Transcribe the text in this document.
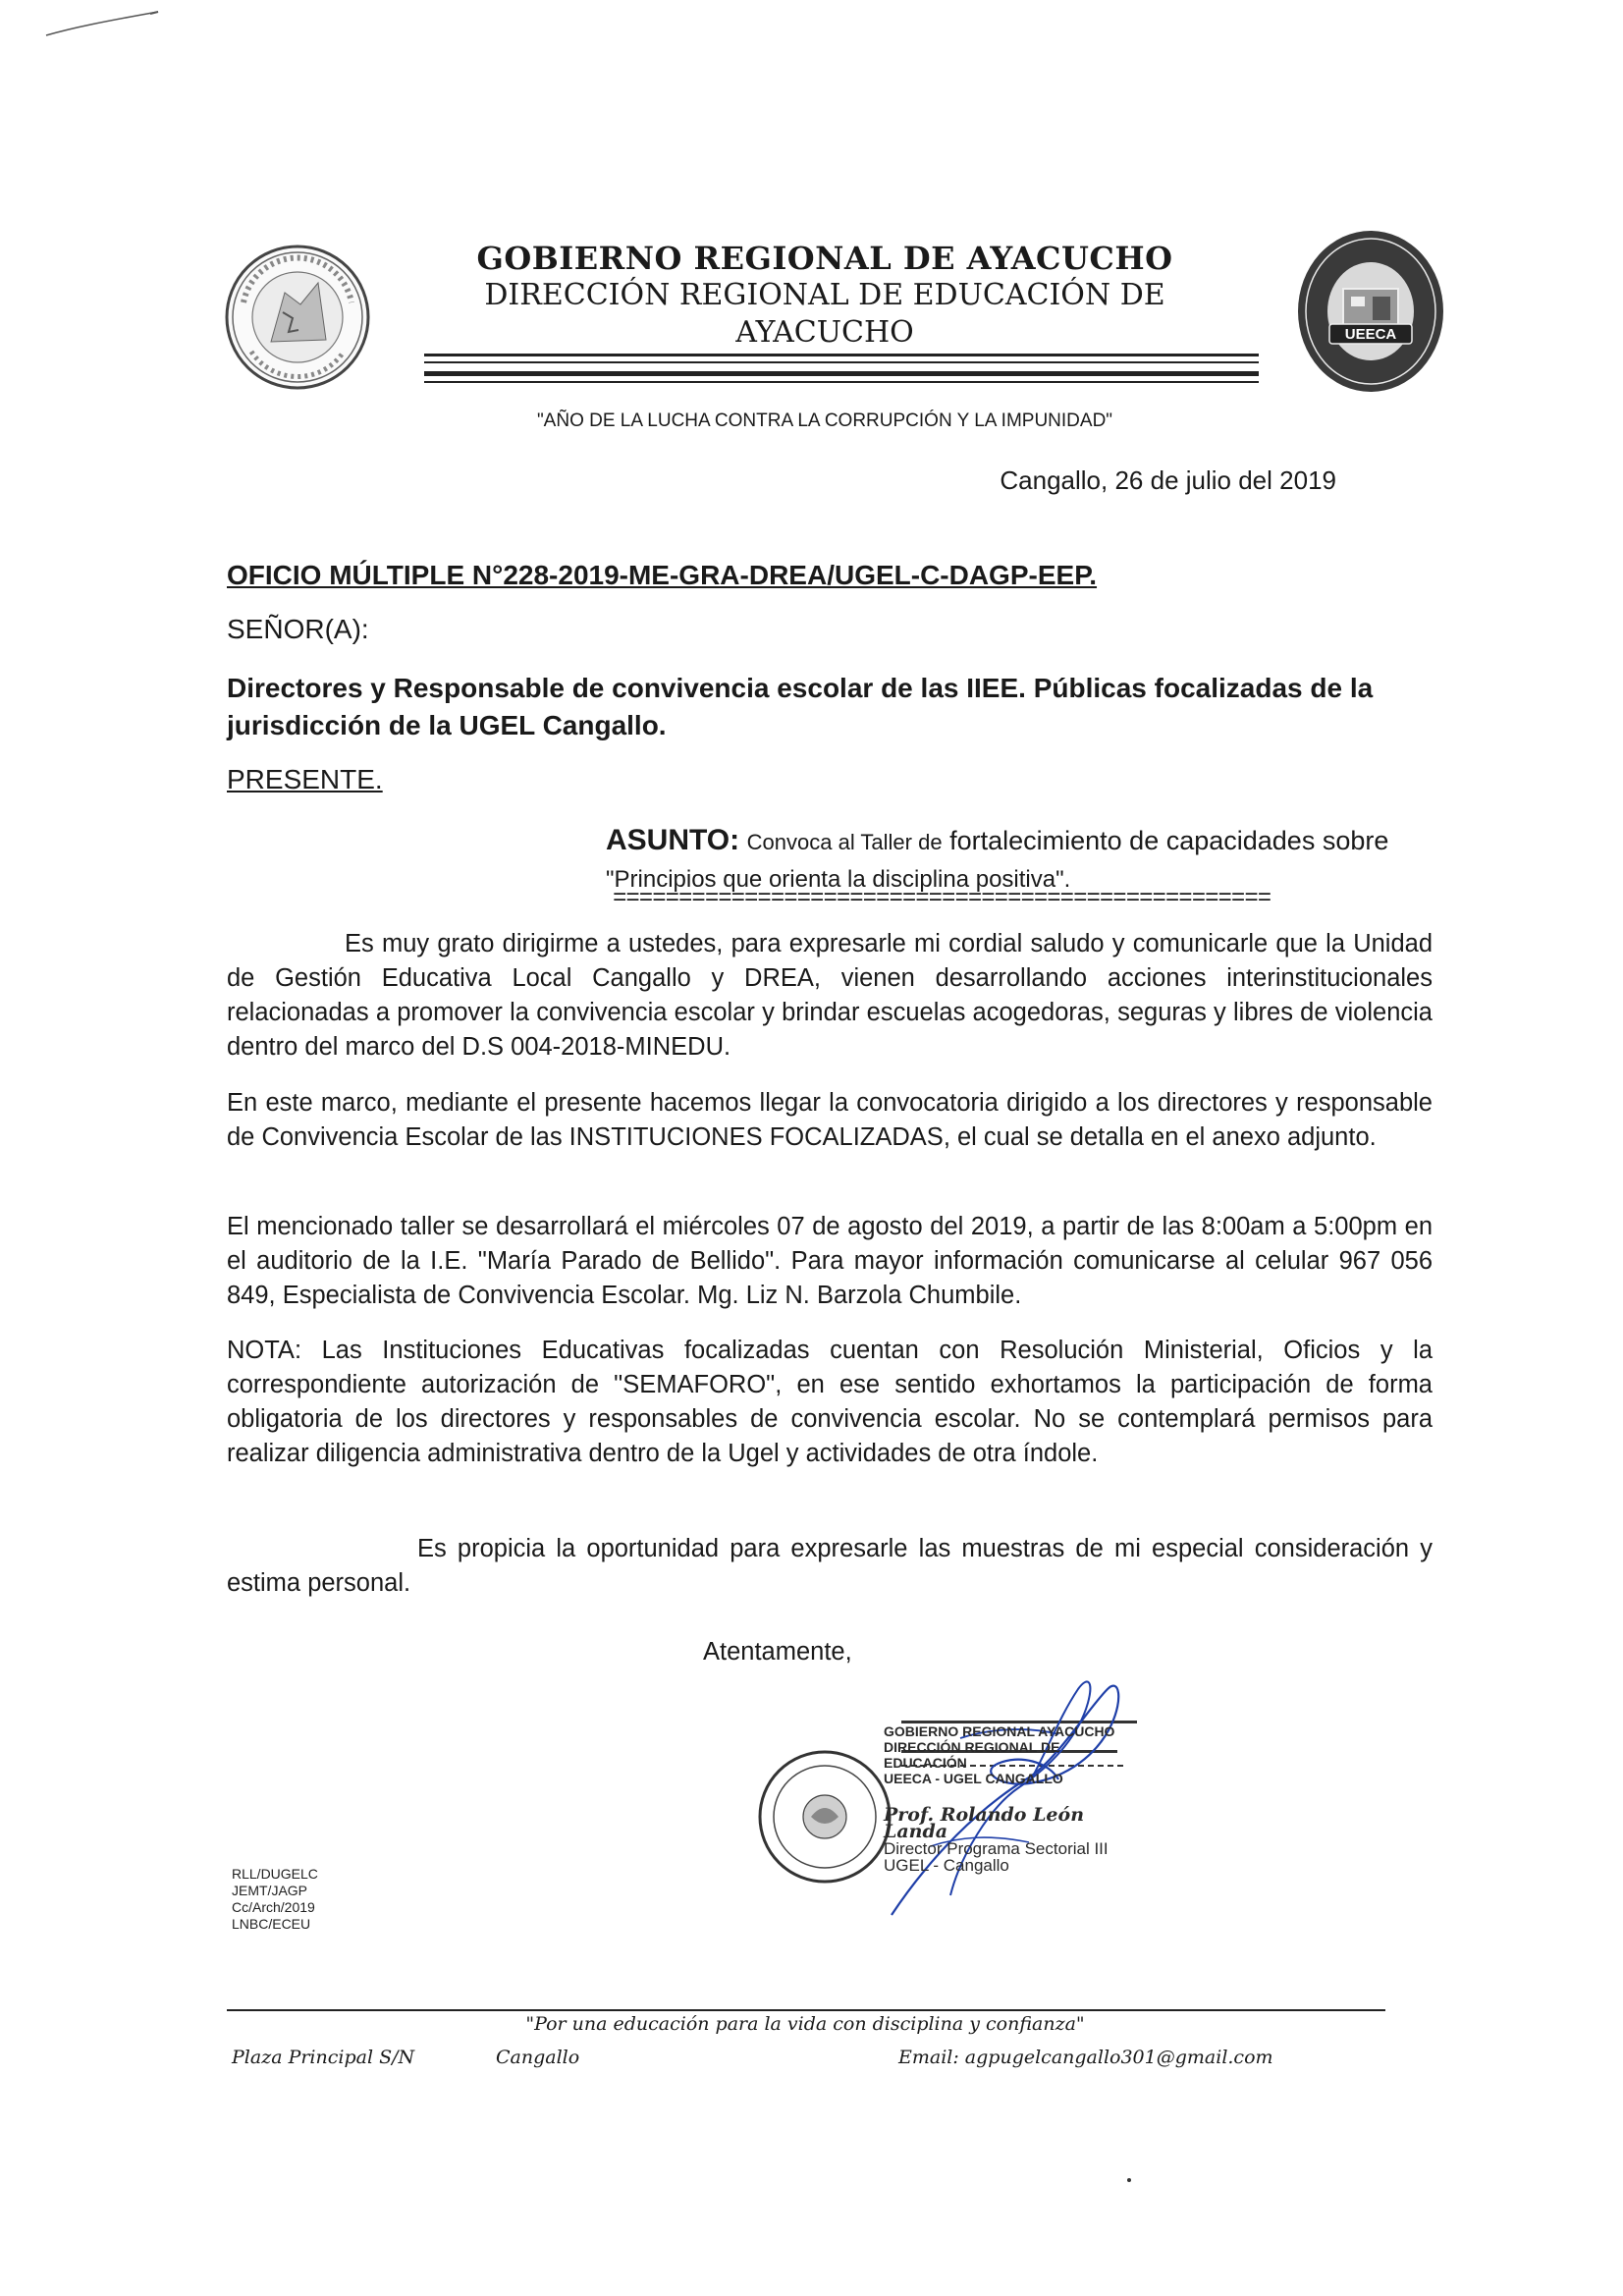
UEECA
GOBIERNO REGIONAL DE AYACUCHO
DIRECCIÓN REGIONAL DE EDUCACIÓN DE
AYACUCHO
"AÑO DE LA LUCHA CONTRA LA CORRUPCIÓN Y LA IMPUNIDAD"
Cangallo, 26 de julio del 2019
OFICIO MÚLTIPLE N°228-2019-ME-GRA-DREA/UGEL-C-DAGP-EEP.
SEÑOR(A):
Directores y Responsable de convivencia escolar de las IIEE. Públicas focalizadas de la jurisdicción de la UGEL Cangallo.
PRESENTE.
ASUNTO: Convoca al Taller de fortalecimiento de capacidades sobre
"Principios que orienta la disciplina positiva".
==================================================
Es muy grato dirigirme a ustedes, para expresarle mi cordial saludo y comunicarle que la Unidad de Gestión Educativa Local Cangallo y DREA, vienen desarrollando acciones interinstitucionales relacionadas a promover la convivencia escolar y brindar escuelas acogedoras, seguras y libres de violencia dentro del marco del D.S 004-2018-MINEDU.
En este marco, mediante el presente hacemos llegar la convocatoria dirigido a los directores y responsable de Convivencia Escolar de las INSTITUCIONES FOCALIZADAS, el cual se detalla en el anexo adjunto.
El mencionado taller se desarrollará el miércoles 07 de agosto del 2019, a partir de las 8:00am a 5:00pm en el auditorio de la I.E. "María Parado de Bellido". Para mayor información comunicarse al celular 967 056 849, Especialista de Convivencia Escolar. Mg. Liz N. Barzola Chumbile.
NOTA: Las Instituciones Educativas focalizadas cuentan con Resolución Ministerial, Oficios y la correspondiente autorización de "SEMAFORO", en ese sentido exhortamos la participación de forma obligatoria de los directores y responsables de convivencia escolar. No se contemplará permisos para realizar diligencia administrativa dentro de la Ugel y actividades de otra índole.
Es propicia la oportunidad para expresarle las muestras de mi especial consideración y estima personal.
Atentamente,
GOBIERNO REGIONAL AYACUCHO
DIRECCIÓN REGIONAL DE EDUCACIÓN
UEECA - UGEL CANGALLO
Prof. Rolando León Landa
Director Programa Sectorial III
UGEL - Cangallo
RLL/DUGELC
JEMT/JAGP
Cc/Arch/2019
LNBC/ECEU
"Por una educación para la vida con disciplina y confianza"
Plaza Principal S/N	Cangallo	Email: agpugelcangallo301@gmail.com
